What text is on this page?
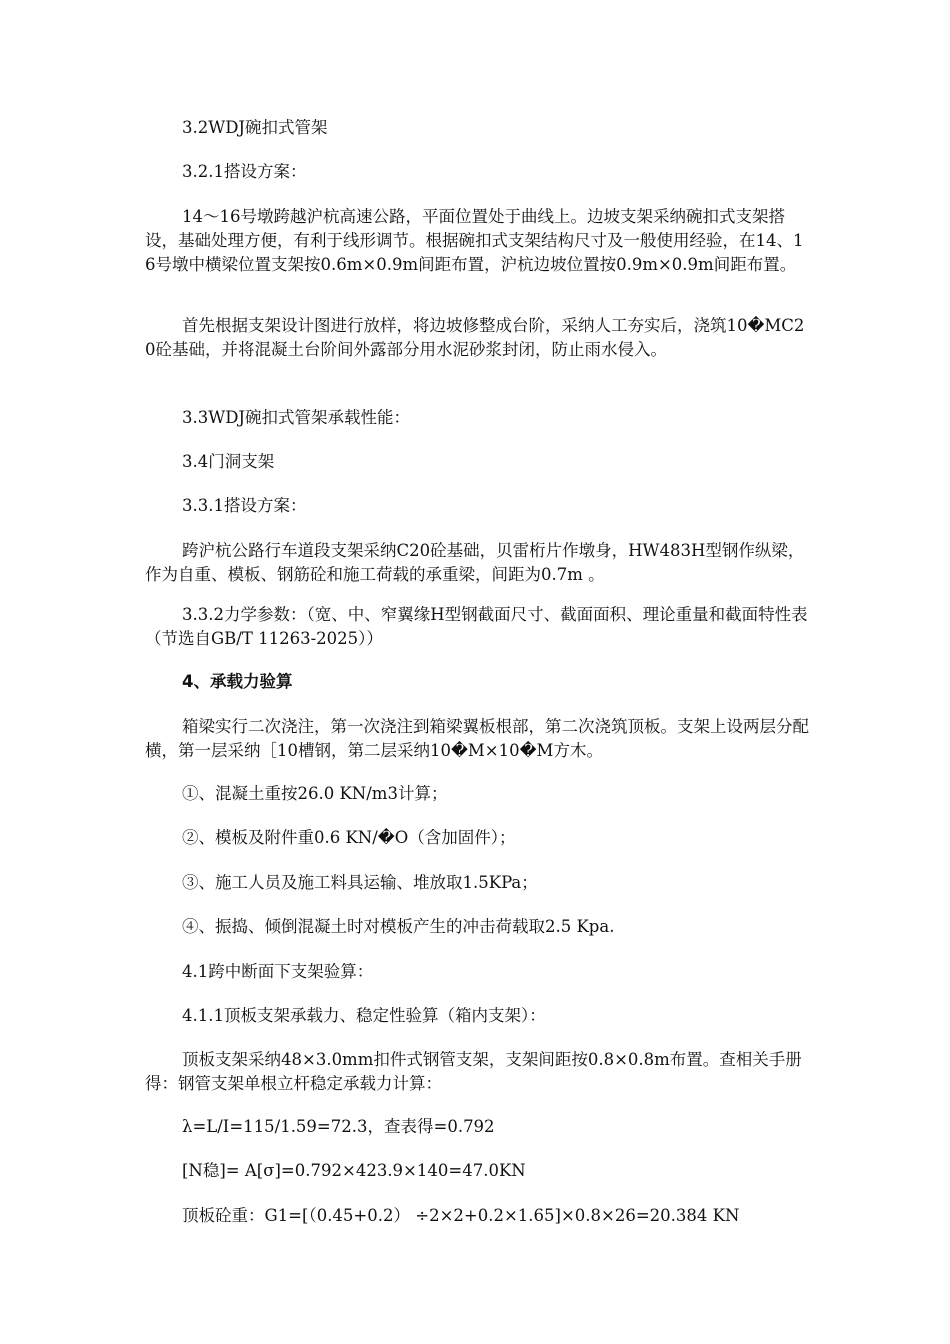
3.2WDJ碗扣式管架

3.2.1搭设方案：

14～16号墩跨越沪杭高速公路，平面位置处于曲线上。边坡支架采纳碗扣式支架搭设，基础处理方便，有利于线形调节。根据碗扣式支架结构尺寸及一般使用经验，在14、16号墩中横梁位置支架按0.6m×0.9m间距布置，沪杭边坡位置按0.9m×0.9m间距布置。

首先根据支架设计图进行放样，将边坡修整成台阶，采纳人工夯实后，浇筑10�MC20砼基础，并将混凝土台阶间外露部分用水泥砂浆封闭，防止雨水侵入。

3.3WDJ碗扣式管架承载性能：

3.4门洞支架

3.3.1搭设方案：

跨沪杭公路行车道段支架采纳C20砼基础，贝雷桁片作墩身，HW483H型钢作纵梁，作为自重、模板、钢筋砼和施工荷载的承重梁，间距为0.7m 。

3.3.2力学参数：（宽、中、窄翼缘H型钢截面尺寸、截面面积、理论重量和截面特性表（节选自GB/T 11263-2025））

4、承载力验算

箱梁实行二次浇注，第一次浇注到箱梁翼板根部，第二次浇筑顶板。支架上设两层分配横，第一层采纳［10槽钢，第二层采纳10�M×10�M方木。

①、混凝土重按26.0 KN/m3计算；

②、模板及附件重0.6 KN/�O（含加固件）；

③、施工人员及施工料具运输、堆放取1.5KPa；

④、振捣、倾倒混凝土时对模板产生的冲击荷载取2.5 Kpa.

4.1跨中断面下支架验算：

4.1.1顶板支架承载力、稳定性验算（箱内支架）：

顶板支架采纳48×3.0mm扣件式钢管支架，支架间距按0.8×0.8m布置。查相关手册得：钢管支架单根立杆稳定承载力计算：

λ=L/I=115/1.59=72.3，查表得=0.792

[N稳]= A[σ]=0.792×423.9×140=47.0KN

顶板砼重：G1=[（0.45+0.2） ÷2×2+0.2×1.65]×0.8×26=20.384 KN
